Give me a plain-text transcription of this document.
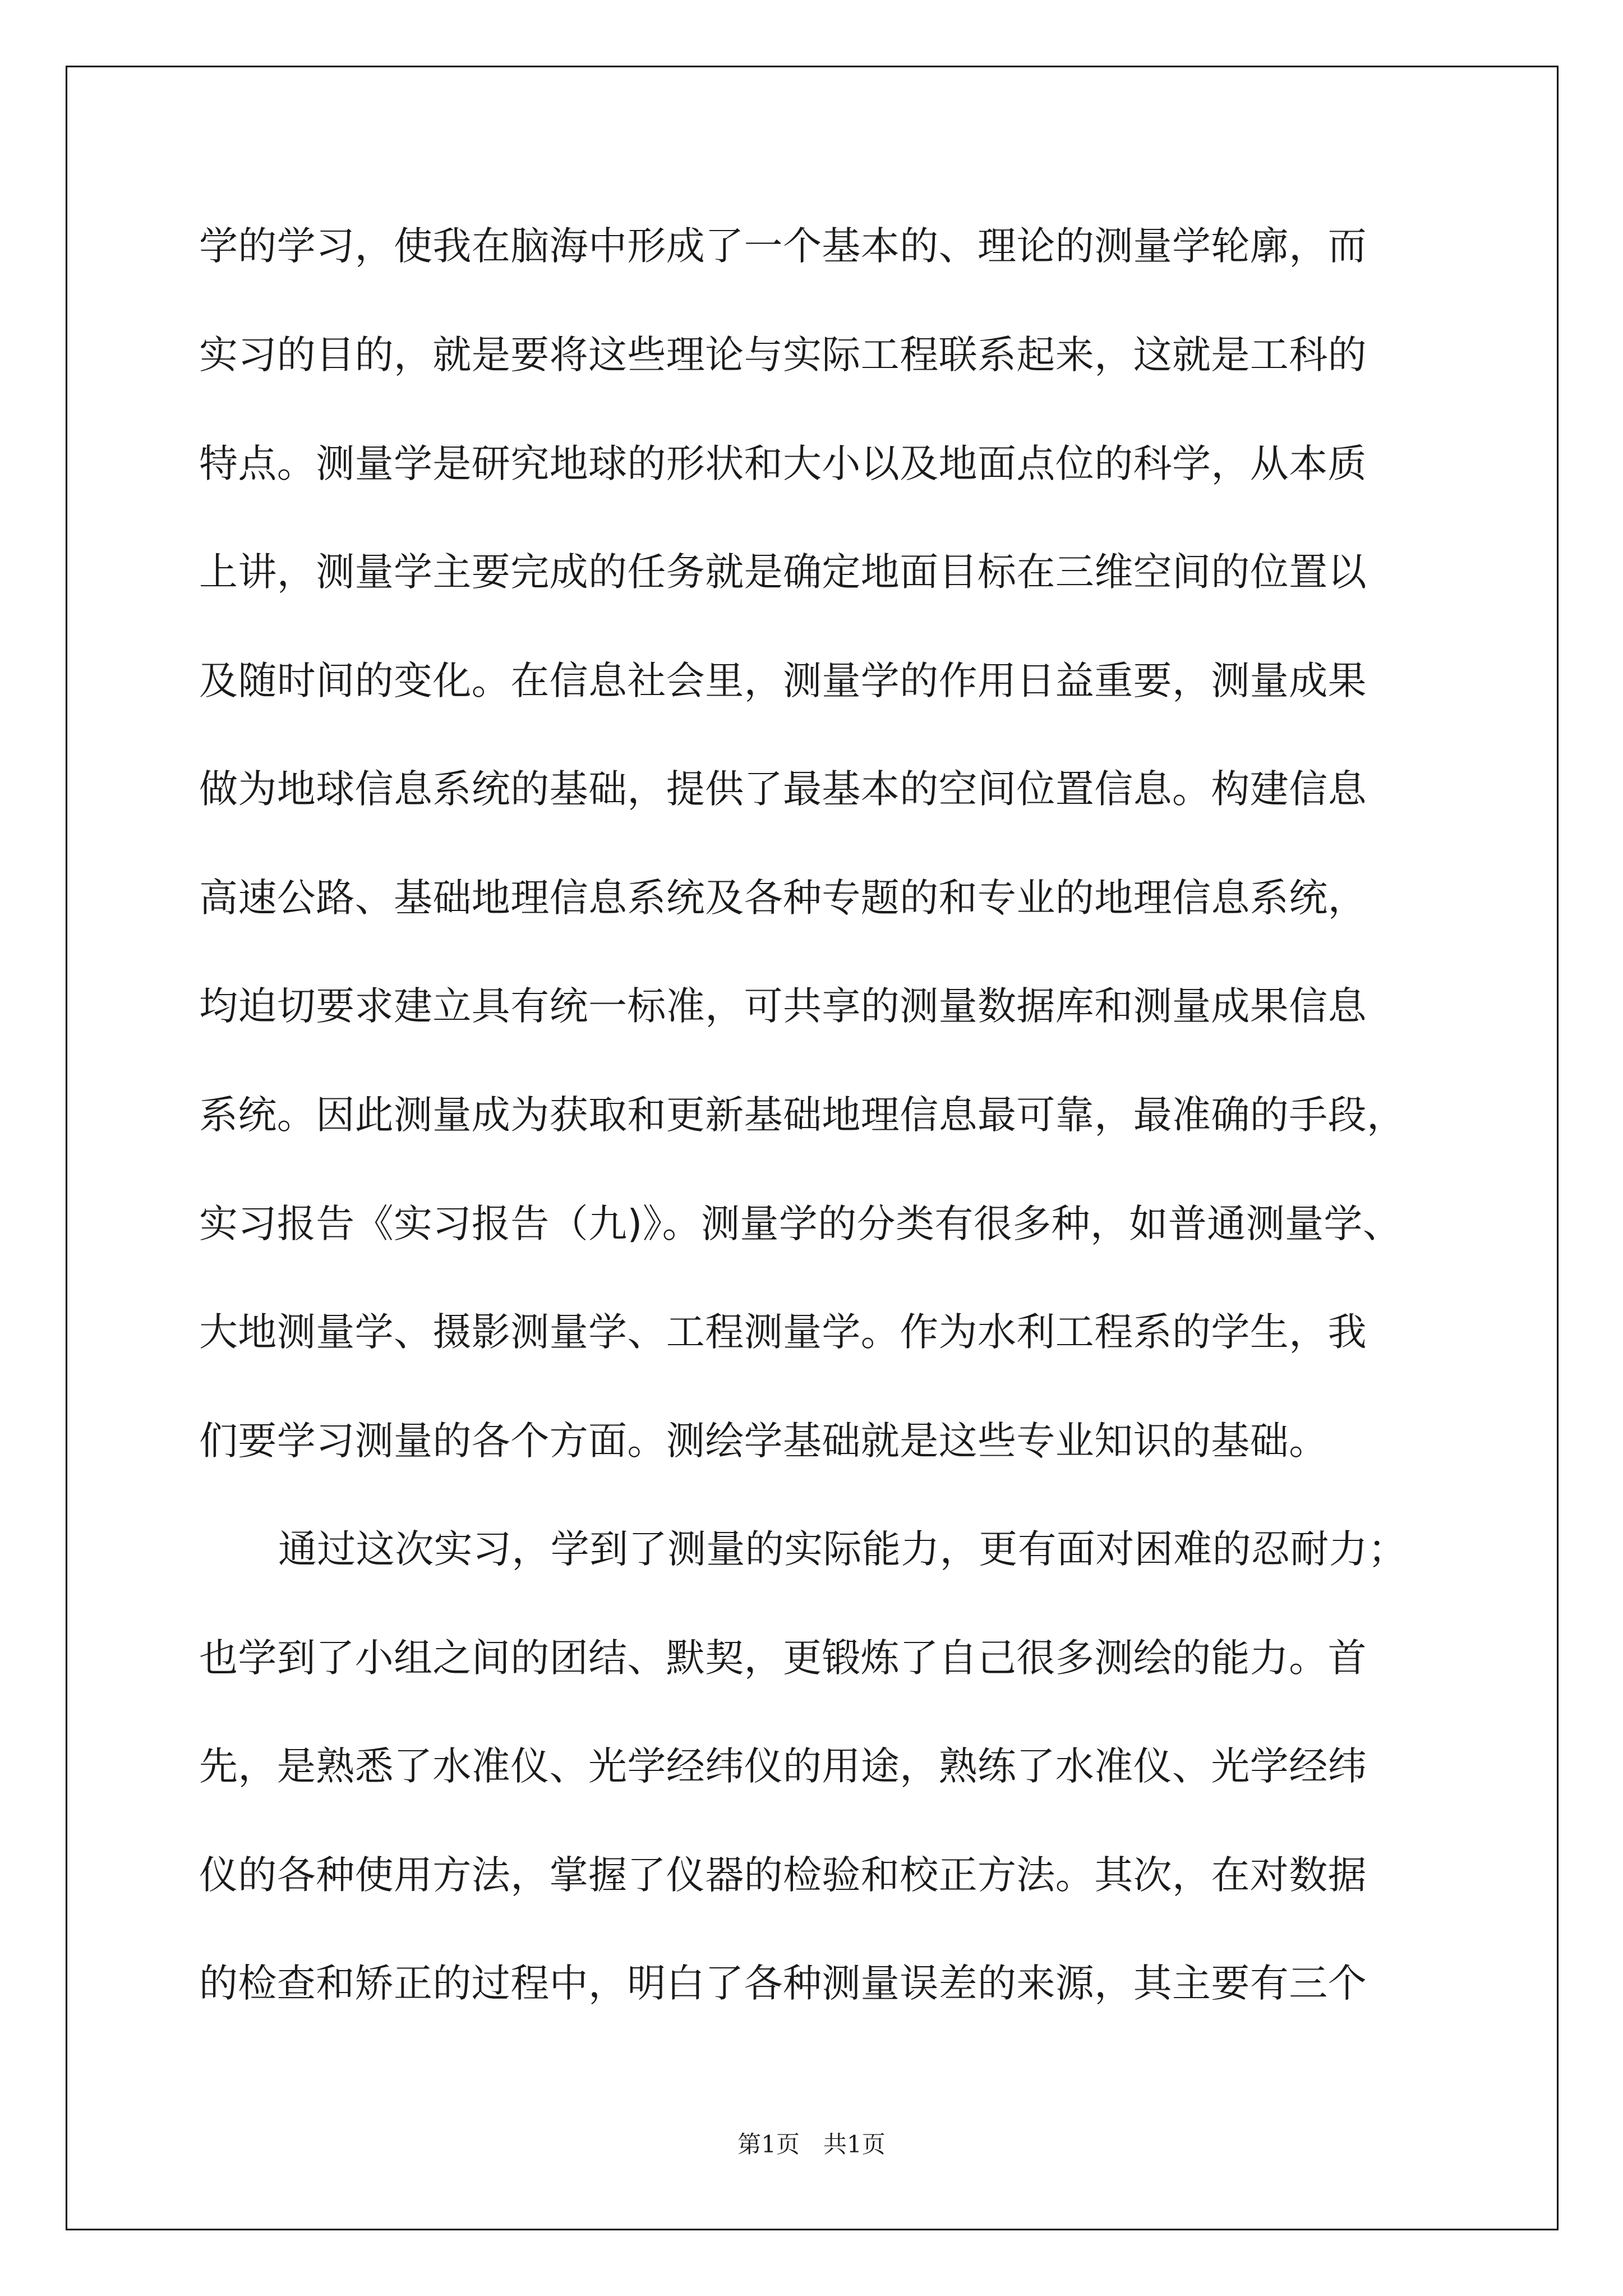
学的学习，使我在脑海中形成了一个基本的、理论的测量学轮廓，而

实习的目的，就是要将这些理论与实际工程联系起来，这就是工科的

特点。测量学是研究地球的形状和大小以及地面点位的科学，从本质

上讲，测量学主要完成的任务就是确定地面目标在三维空间的位置以

及随时间的变化。在信息社会里，测量学的作用日益重要，测量成果

做为地球信息系统的基础，提供了最基本的空间位置信息。构建信息

高速公路、基础地理信息系统及各种专题的和专业的地理信息系统，

均迫切要求建立具有统一标准，可共享的测量数据库和测量成果信息

系统。因此测量成为获取和更新基础地理信息最可靠，最准确的手段，

实习报告《实习报告（九)》。测量学的分类有很多种，如普通测量学、

大地测量学、摄影测量学、工程测量学。作为水利工程系的学生，我

们要学习测量的各个方面。测绘学基础就是这些专业知识的基础。

通过这次实习，学到了测量的实际能力，更有面对困难的忍耐力；

也学到了小组之间的团结、默契，更锻炼了自己很多测绘的能力。首

先，是熟悉了水准仪、光学经纬仪的用途，熟练了水准仪、光学经纬

仪的各种使用方法，掌握了仪器的检验和校正方法。其次，在对数据

的检查和矫正的过程中，明白了各种测量误差的来源，其主要有三个

第1页　共1页
